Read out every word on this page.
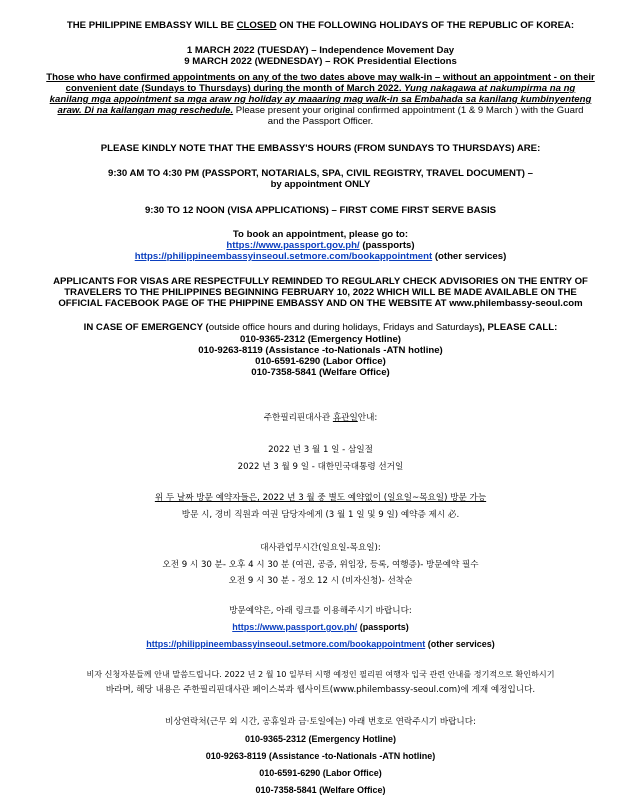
THE PHILIPPINE EMBASSY WILL BE CLOSED ON THE FOLLOWING HOLIDAYS OF THE REPUBLIC OF KOREA:
1 MARCH 2022 (TUESDAY) – Independence Movement Day
9 MARCH 2022 (WEDNESDAY) – ROK Presidential Elections
Those who have confirmed appointments on any of the two dates above may walk-in – without an appointment - on their
convenient date (Sundays to Thursdays) during the month of March 2022. Yung nakagawa at nakumpirma na ng
kanilang mga appointment sa mga araw ng holiday ay maaaring mag walk-in sa Embahada sa kanilang kumbinyenteng
araw. Di na kailangan mag reschedule. Please present your original confirmed appointment (1 & 9 March ) with the Guard
and the Passport Officer.
PLEASE KINDLY NOTE THAT THE EMBASSY'S HOURS (FROM SUNDAYS TO THURSDAYS) ARE:
9:30 AM TO 4:30 PM (PASSPORT, NOTARIALS, SPA, CIVIL REGISTRY, TRAVEL DOCUMENT) –
by appointment ONLY
9:30 TO 12 NOON (VISA APPLICATIONS) – FIRST COME FIRST SERVE BASIS
To book an appointment, please go to:
https://www.passport.gov.ph/ (passports)
https://philippineembassyinseoul.setmore.com/bookappointment (other services)
APPLICANTS FOR VISAS ARE RESPECTFULLY REMINDED TO REGULARLY CHECK ADVISORIES ON THE ENTRY OF
TRAVELERS TO THE PHILIPPINES BEGINNING FEBRUARY 10, 2022 WHICH WILL BE MADE AVAILABLE ON THE
OFFICIAL FACEBOOK PAGE OF THE PHIPPINE EMBASSY AND ON THE WEBSITE AT www.philembassy-seoul.com
IN CASE OF EMERGENCY (outside office hours and during holidays, Fridays and Saturdays), PLEASE CALL:
010-9365-2312 (Emergency Hotline)
010-9263-8119 (Assistance -to-Nationals -ATN hotline)
010-6591-6290 (Labor Office)
010-7358-5841 (Welfare Office)
주한필리핀대사관 휴관일안내:
2022 년 3 월 1 일 - 삼일절
2022 년 3 월 9 일 - 대한민국대통령 선거일
위 두 날짜 방문 예약자들은, 2022 년 3 월 중 별도 예약없이 (일요일~목요일) 방문 가능
방문 시, 경비 직원과 여권 담당자에게 (3 월 1 일 및 9 일) 예약증 제시 必.
대사관업무시간(일요일-목요일):
오전 9 시 30 분- 오후 4 시 30 분 (여권, 공증, 위임장, 등록, 여행증)- 방문예약 필수
오전 9 시 30 분 - 정오 12 시 (비자신청)- 선착순
방문예약은, 아래 링크를 이용해주시기 바랍니다:
https://www.passport.gov.ph/ (passports)
https://philippineembassyinseoul.setmore.com/bookappointment (other services)
비자 신청자분들께 안내 말씀드립니다. 2022 년 2 월 10 일부터 시행 예정인 필리핀 여행자 입국 관련 안내를 정기적으로 확인하시기
바라며, 해당 내용은 주한필리핀대사관 페이스북과 웹사이트(www.philembassy-seoul.com)에 게재 예정입니다.
비상연락처(근무 외 시간, 공휴일과 금·토일에는) 아래 번호로 연락주시기 바랍니다:
010-9365-2312 (Emergency Hotline)
010-9263-8119 (Assistance -to-Nationals -ATN hotline)
010-6591-6290 (Labor Office)
010-7358-5841 (Welfare Office)
